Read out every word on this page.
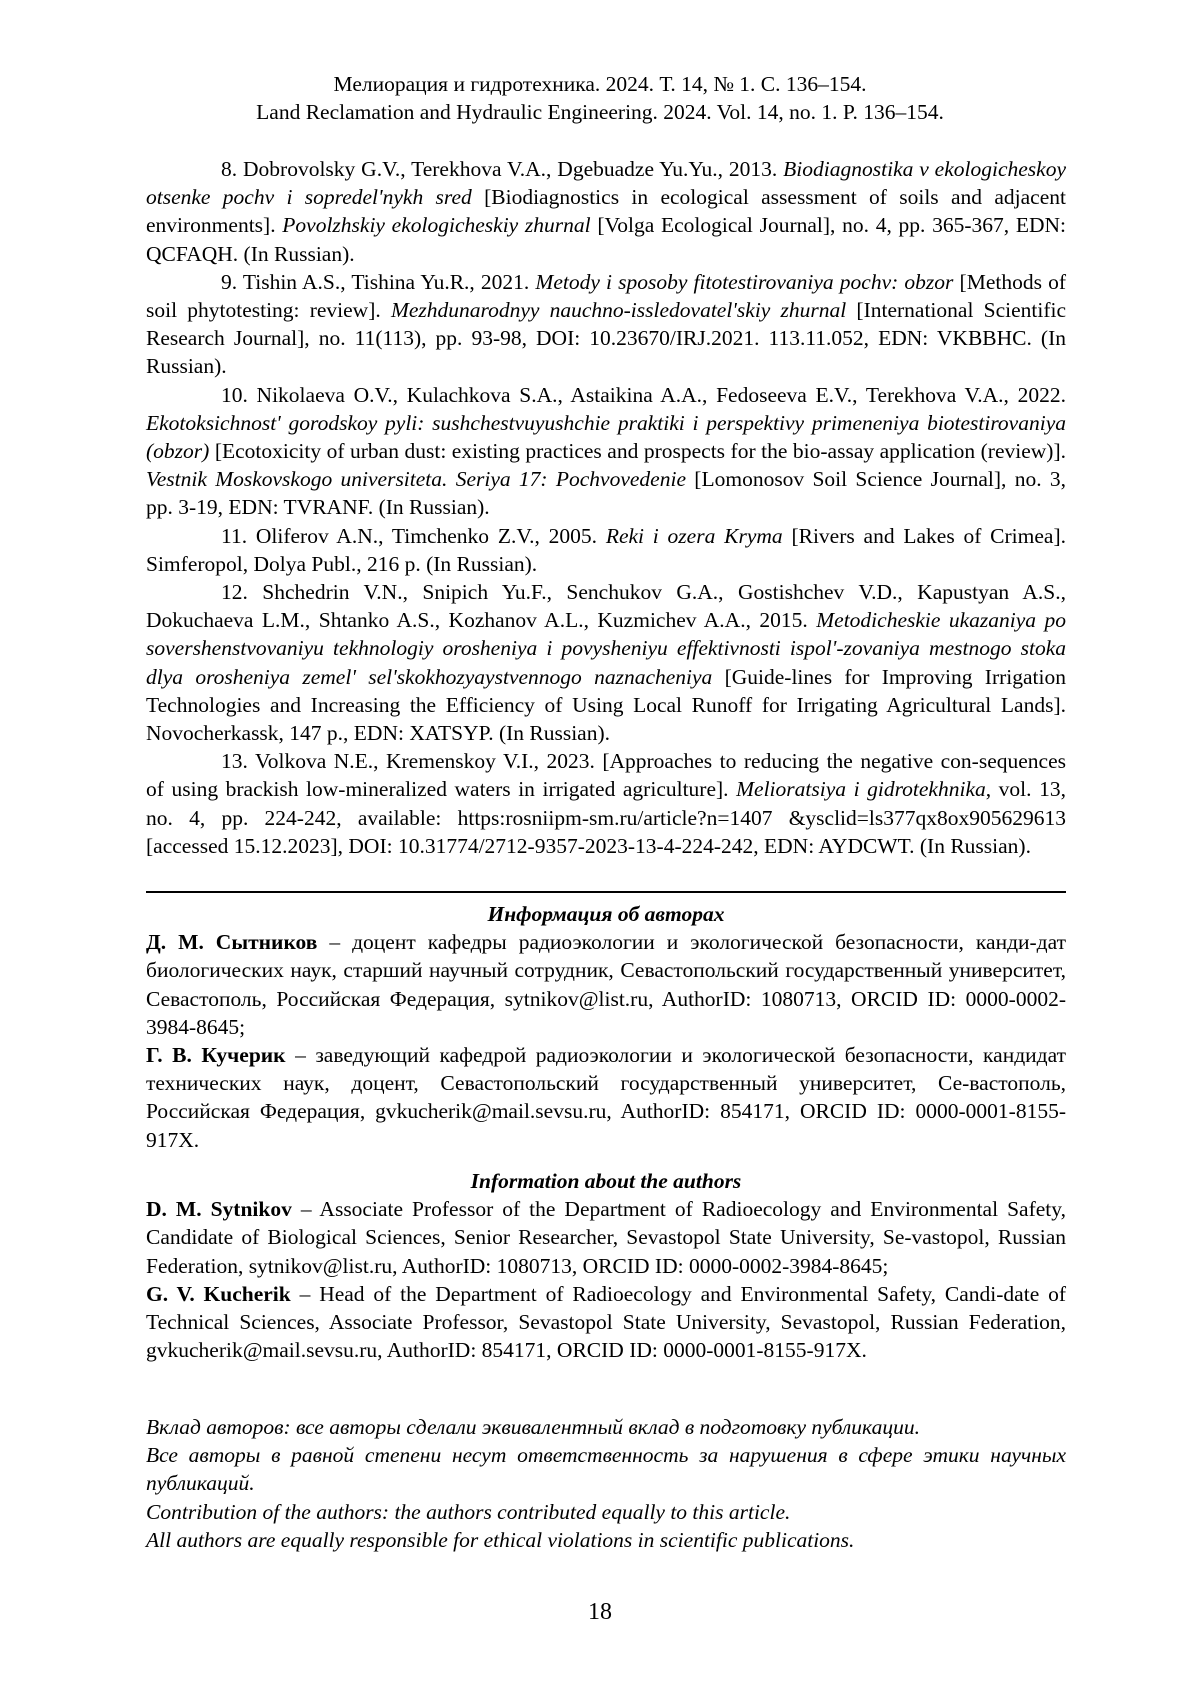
Мелиорация и гидротехника. 2024. Т. 14, № 1. С. 136–154.
Land Reclamation and Hydraulic Engineering. 2024. Vol. 14, no. 1. P. 136–154.

8. Dobrovolsky G.V., Terekhova V.A., Dgebuadze Yu.Yu., 2013. Biodiagnostika v ekologicheskoy otsenke pochv i sopredel'nykh sred [Biodiagnostics in ecological assessment of soils and adjacent environments]. Povolzhskiy ekologicheskiy zhurnal [Volga Ecological Journal], no. 4, pp. 365-367, EDN: QCFAQH. (In Russian).

9. Tishin A.S., Tishina Yu.R., 2021. Metody i sposoby fitotestirovaniya pochv: obzor [Methods of soil phytotesting: review]. Mezhdunarodnyy nauchno-issledovatel'skiy zhurnal [International Scientific Research Journal], no. 11(113), pp. 93-98, DOI: 10.23670/IRJ.2021. 113.11.052, EDN: VKBBHC. (In Russian).

10. Nikolaeva O.V., Kulachkova S.A., Astaikina A.A., Fedoseeva E.V., Terekhova V.A., 2022. Ekotoksichnost' gorodskoy pyli: sushchestvuyushchie praktiki i perspektivy primeneniya biotestirovaniya (obzor) [Ecotoxicity of urban dust: existing practices and prospects for the bio-assay application (review)]. Vestnik Moskovskogo universiteta. Seriya 17: Pochvovedenie [Lomonosov Soil Science Journal], no. 3, pp. 3-19, EDN: TVRANF. (In Russian).

11. Oliferov A.N., Timchenko Z.V., 2005. Reki i ozera Kryma [Rivers and Lakes of Crimea]. Simferopol, Dolya Publ., 216 p. (In Russian).

12. Shchedrin V.N., Snipich Yu.F., Senchukov G.A., Gostishchev V.D., Kapustyan A.S., Dokuchaeva L.M., Shtanko A.S., Kozhanov A.L., Kuzmichev A.A., 2015. Metodicheskie ukazaniya po sovershenstvovaniyu tekhnologiy orosheniya i povysheniyu effektivnosti ispol'-zovaniya mestnogo stoka dlya orosheniya zemel' sel'skokhozyaystvennogo naznacheniya [Guide-lines for Improving Irrigation Technologies and Increasing the Efficiency of Using Local Runoff for Irrigating Agricultural Lands]. Novocherkassk, 147 p., EDN: XATSYP. (In Russian).

13. Volkova N.E., Kremenskoy V.I., 2023. [Approaches to reducing the negative con-sequences of using brackish low-mineralized waters in irrigated agriculture]. Melioratsiya i gidrotekhnika, vol. 13, no. 4, pp. 224-242, available: https:rosniipm-sm.ru/article?n=1407 &ysclid=ls377qx8ox905629613 [accessed 15.12.2023], DOI: 10.31774/2712-9357-2023-13-4-224-242, EDN: AYDCWT. (In Russian).

Информация об авторах

Д. М. Сытников – доцент кафедры радиоэкологии и экологической безопасности, канди-дат биологических наук, старший научный сотрудник, Севастопольский государственный университет, Севастополь, Российская Федерация, sytnikov@list.ru, AuthorID: 1080713, ORCID ID: 0000-0002-3984-8645;

Г. В. Кучерик – заведующий кафедрой радиоэкологии и экологической безопасности, кандидат технических наук, доцент, Севастопольский государственный университет, Се-вастополь, Российская Федерация, gvkucherik@mail.sevsu.ru, AuthorID: 854171, ORCID ID: 0000-0001-8155-917X.

Information about the authors

D. M. Sytnikov – Associate Professor of the Department of Radioecology and Environmental Safety, Candidate of Biological Sciences, Senior Researcher, Sevastopol State University, Se-vastopol, Russian Federation, sytnikov@list.ru, AuthorID: 1080713, ORCID ID: 0000-0002-3984-8645;

G. V. Kucherik – Head of the Department of Radioecology and Environmental Safety, Candi-date of Technical Sciences, Associate Professor, Sevastopol State University, Sevastopol, Russian Federation, gvkucherik@mail.sevsu.ru, AuthorID: 854171, ORCID ID: 0000-0001-8155-917X.

Вклад авторов: все авторы сделали эквивалентный вклад в подготовку публикации.

Все авторы в равной степени несут ответственность за нарушения в сфере этики научных публикаций.

Contribution of the authors: the authors contributed equally to this article.

All authors are equally responsible for ethical violations in scientific publications.

18
